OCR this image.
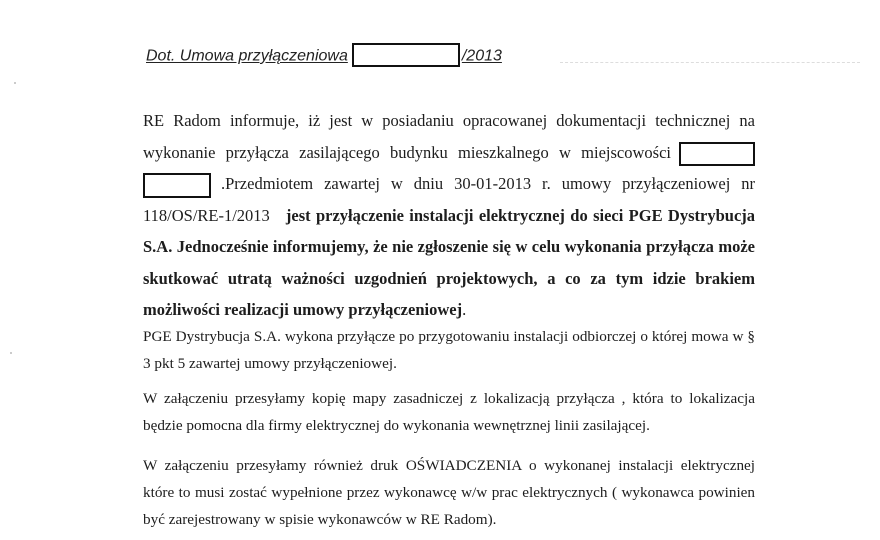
Dot. Umowa przyłączeniowa	/2013
RE Radom informuje, iż jest w posiadaniu opracowanej dokumentacji technicznej na wykonanie przyłącza zasilającego budynku mieszkalnego w miejscowości .Przedmiotem zawartej w dniu 30-01-2013 r. umowy przyłączeniowej nr 118/OS/RE-1/2013 jest przyłączenie instalacji elektrycznej do sieci PGE Dystrybucja S.A. Jednocześnie informujemy, że nie zgłoszenie się w celu wykonania przyłącza może skutkować utratą ważności uzgodnień projektowych, a co za tym idzie brakiem możliwości realizacji umowy przyłączeniowej.
PGE Dystrybucja S.A. wykona przyłącze po przygotowaniu instalacji odbiorczej o której mowa w § 3 pkt 5 zawartej umowy przyłączeniowej.
W załączeniu przesyłamy kopię mapy zasadniczej z lokalizacją przyłącza , która to lokalizacja będzie pomocna dla firmy elektrycznej do wykonania wewnętrznej linii zasilającej.
W załączeniu przesyłamy również druk OŚWIADCZENIA o wykonanej instalacji elektrycznej które to musi zostać wypełnione przez wykonawcę w/w prac elektrycznych ( wykonawca powinien być zarejestrowany w spisie wykonawców w RE Radom).
